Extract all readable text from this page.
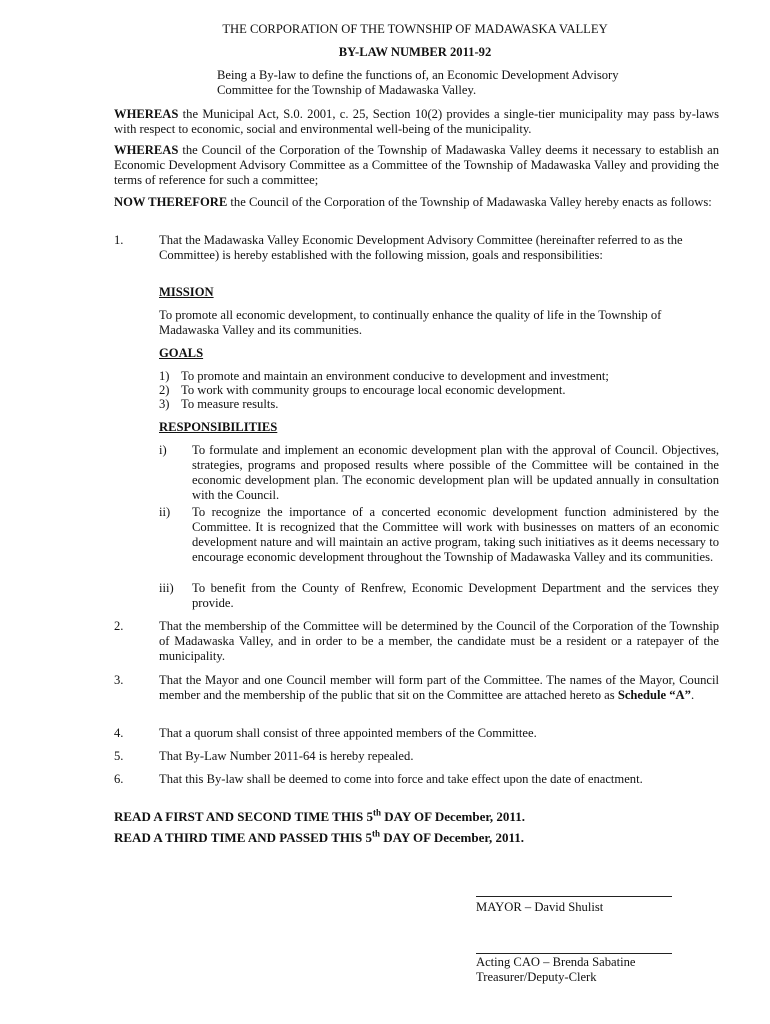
THE CORPORATION OF THE TOWNSHIP OF MADAWASKA VALLEY
BY-LAW NUMBER 2011-92
Being a By-law to define the functions of, an Economic Development Advisory Committee for the Township of Madawaska Valley.
WHEREAS the Municipal Act, S.0. 2001, c. 25, Section 10(2) provides a single-tier municipality may pass by-laws with respect to economic, social and environmental well-being of the municipality.
WHEREAS the Council of the Corporation of the Township of Madawaska Valley deems it necessary to establish an Economic Development Advisory Committee as a Committee of the Township of Madawaska Valley and providing the terms of reference for such a committee;
NOW THEREFORE the Council of the Corporation of the Township of Madawaska Valley hereby enacts as follows:
1.	That the Madawaska Valley Economic Development Advisory Committee (hereinafter referred to as the Committee) is hereby established with the following mission, goals and responsibilities:
MISSION
To promote all economic development, to continually enhance the quality of life in the Township of Madawaska Valley and its communities.
GOALS
1) To promote and maintain an environment conducive to development and investment;
2) To work with community groups to encourage local economic development.
3) To measure results.
RESPONSIBILITIES
i) To formulate and implement an economic development plan with the approval of Council. Objectives, strategies, programs and proposed results where possible of the Committee will be contained in the economic development plan. The economic development plan will be updated annually in consultation with the Council.
ii) To recognize the importance of a concerted economic development function administered by the Committee. It is recognized that the Committee will work with businesses on matters of an economic development nature and will maintain an active program, taking such initiatives as it deems necessary to encourage economic development throughout the Township of Madawaska Valley and its communities.
iii) To benefit from the County of Renfrew, Economic Development Department and the services they provide.
2.	That the membership of the Committee will be determined by the Council of the Corporation of the Township of Madawaska Valley, and in order to be a member, the candidate must be a resident or a ratepayer of the municipality.
3.	That the Mayor and one Council member will form part of the Committee. The names of the Mayor, Council member and the membership of the public that sit on the Committee are attached hereto as Schedule “A”.
4.	That a quorum shall consist of three appointed members of the Committee.
5.	That By-Law Number 2011-64 is hereby repealed.
6.	That this By-law shall be deemed to come into force and take effect upon the date of enactment.
READ A FIRST AND SECOND TIME THIS 5th DAY OF December, 2011.
READ A THIRD TIME AND PASSED THIS 5th DAY OF December, 2011.
MAYOR – David Shulist
Acting CAO – Brenda Sabatine
Treasurer/Deputy-Clerk
